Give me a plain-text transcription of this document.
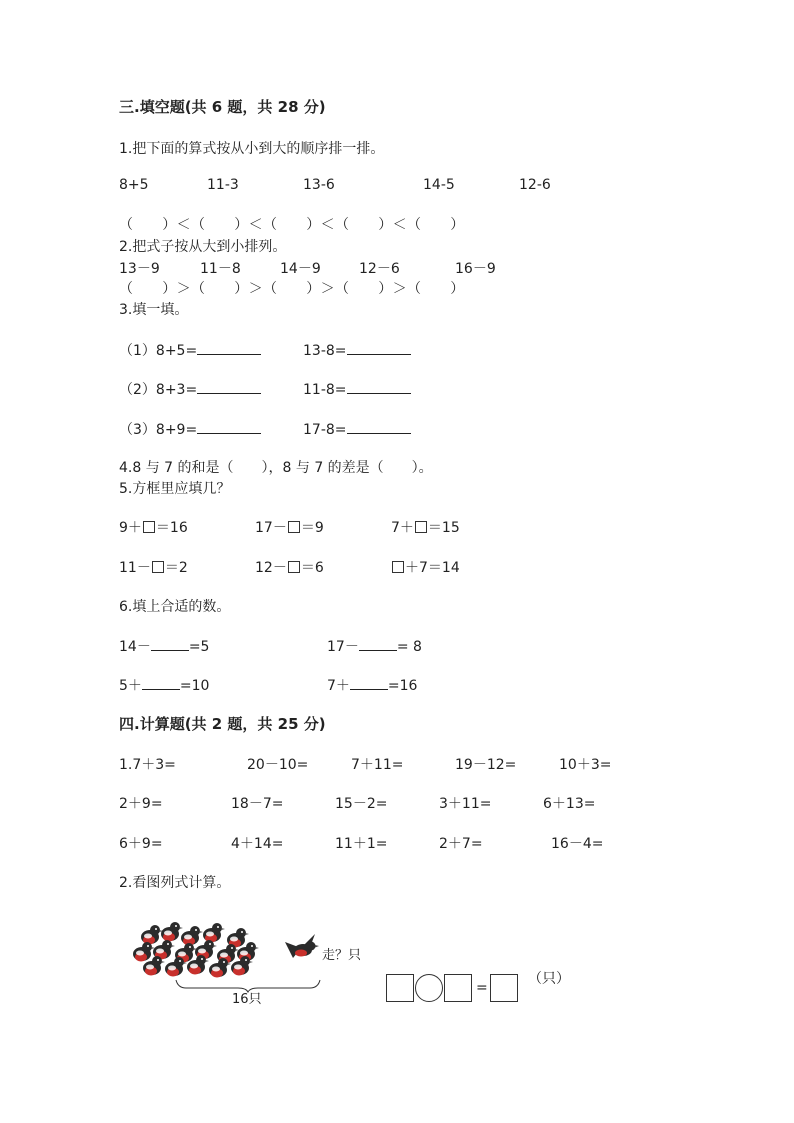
三.填空题(共 6 题，共 28 分)
1.把下面的算式按从小到大的顺序排一排。
8+5	11-3	13-6	14-5	12-6
（　　）＜（　　）＜（　　）＜（　　）＜（　　）
2.把式子按从大到小排列。
13－9	11－8	14－9	12－6	16－9
（　　）＞（　　）＞（　　）＞（　　）＞（　　）
3.填一填。
（1）8+5=	13-8=
（2）8+3=	11-8=
（3）8+9=	17-8=
4.8 与 7 的和是（　　），8 与 7 的差是（　　）。
5.方框里应填几？
9＋ ＝16	17－ ＝9	7＋ ＝15
11－ ＝2	12－ ＝6	＋7＝14
6.填上合适的数。
14－	=5	17－	= 8
5＋	=10	7＋	=16
四.计算题(共 2 题，共 25 分)
1.7＋3=	20－10=	7＋11=	19－12=	10＋3=
2＋9=	18－7=	15－2=	3＋11=	6＋13=
6＋9=	4＋14=	11＋1=	2＋7=	16－4=
2.看图列式计算。
走？只
16只
=
（只）
